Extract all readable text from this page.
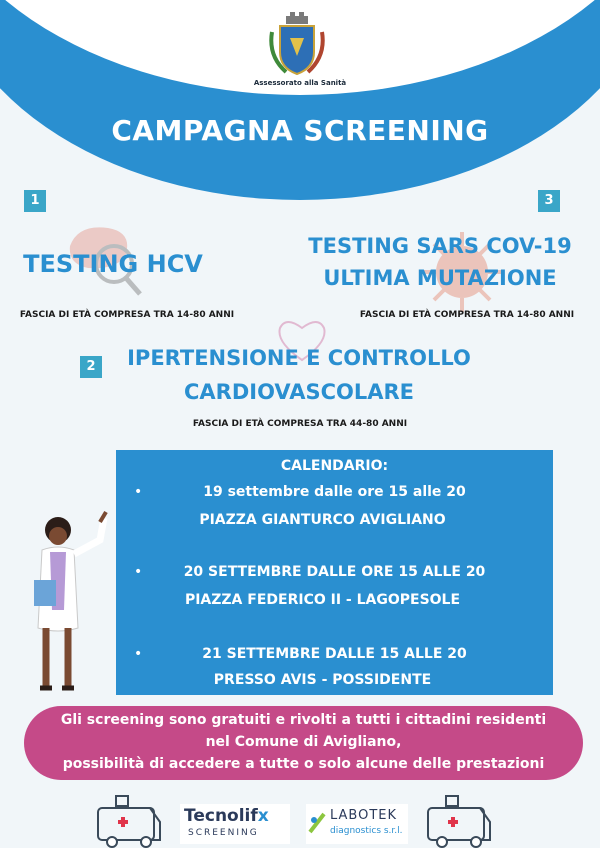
Assessorato alla Sanità
CAMPAGNA SCREENING
1
TESTING HCV
FASCIA DI ETÀ COMPRESA TRA 14-80 ANNI
3
TESTING SARS COV-19
ULTIMA MUTAZIONE
FASCIA DI ETÀ COMPRESA TRA 14-80 ANNI
2	IPERTENSIONE E CONTROLLO
CARDIOVASCOLARE
FASCIA DI ETÀ COMPRESA TRA 44-80 ANNI
CALENDARIO:
•	19 settembre dalle ore 15 alle 20
PIAZZA GIANTURCO AVIGLIANO
•	20 SETTEMBRE DALLE ORE 15 ALLE 20
PIAZZA FEDERICO II - LAGOPESOLE
•	21 SETTEMBRE DALLE 15 ALLE 20
PRESSO AVIS - POSSIDENTE
Gli screening sono gratuiti e rivolti a tutti i cittadini residenti
nel Comune di Avigliano,
possibilità di accedere a tutte o solo alcune delle prestazioni
Tecnolifx
SCREENING
LABOTEK
diagnostics s.r.l.
